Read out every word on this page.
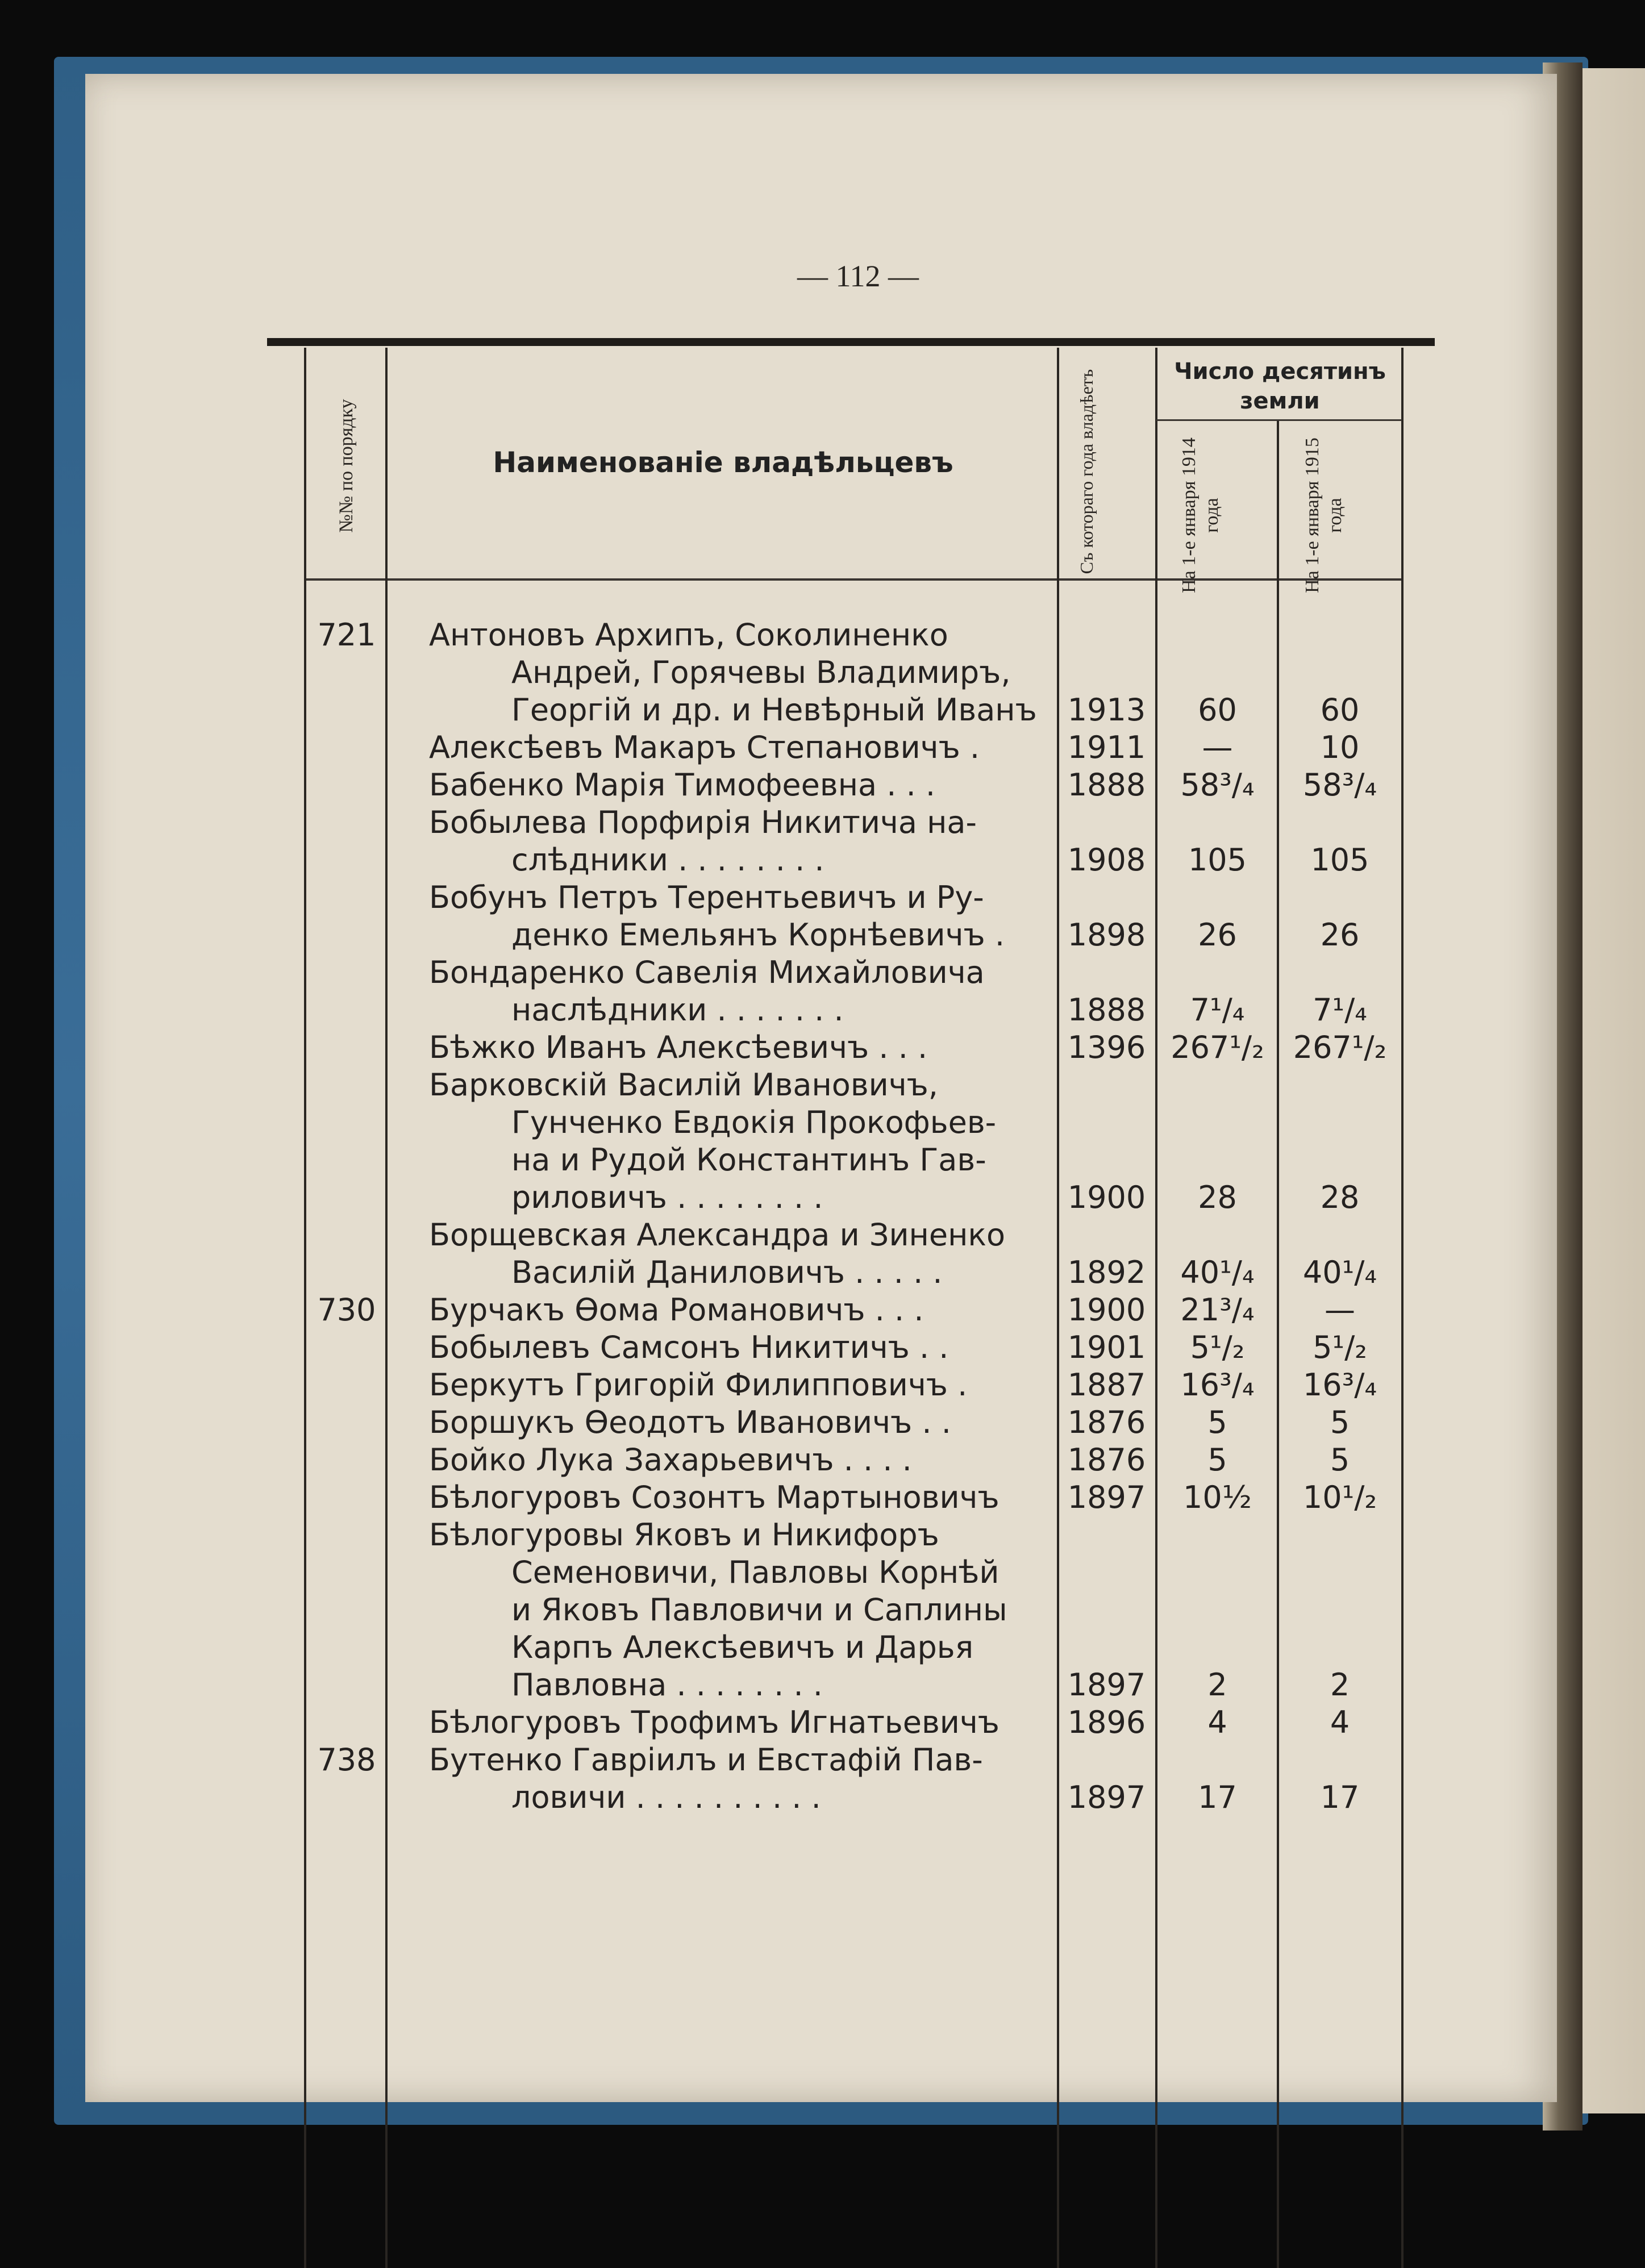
— 112 —
№№ по порядку	Наименованіе владѣльцевъ	Съ котораго года владѣетъ	Число десятинъ земли
На 1-е января 1914 года	На 1-е января 1915 года
721 Антоновъ Архипъ, Соколиненко
Андрей, Горячевы Владимиръ,
Георгій и др. и Невѣрный Иванъ 1913	60	60
Алексѣевъ Макаръ Степановичъ .	1911	—	10
Бабенко Марія Тимофеевна . . .	1888	58³/₄	58³/₄
Бобылева Порфирія Никитича на-
слѣдники . . . . . . . .	1908	105	105
Бобунъ Петръ Терентьевичъ и Ру-
денко Емельянъ Корнѣевичъ . 1898	26	26
Бондаренко Савелія Михайловича
наслѣдники . . . . . . .	1888	7¹/₄	7¹/₄
Бѣжко Иванъ Алексѣевичъ . . .	1396 267¹/₂ 267¹/₂
Барковскій Василій Ивановичъ,
Гунченко Евдокія Прокофьев-
на и Рудой Константинъ Гав-
риловичъ . . . . . . . .	1900	28	28
Борщевская Александра и Зиненко
Василій Даниловичъ . . . . .	1892	40¹/₄	40¹/₄
730 Бурчакъ Ѳома Романовичъ . . .	1900	21³/₄	—
Бобылевъ Самсонъ Никитичъ . .	1901	5¹/₂	5¹/₂
Беркутъ Григорій Филипповичъ .	1887	16³/₄	16³/₄
Боршукъ Ѳеодотъ Ивановичъ . .	1876	5	5
Бойко Лука Захарьевичъ . . . .	1876	5	5
Бѣлогуровъ Созонтъ Мартыновичъ 1897	10½	10¹/₂
Бѣлогуровы Яковъ и Никифоръ
Семеновичи, Павловы Корнѣй
и Яковъ Павловичи и Саплины
Карпъ Алексѣевичъ и Дарья
Павловна . . . . . . . .	1897	2	2
Бѣлогуровъ Трофимъ Игнатьевичъ 1896	4	4
738 Бутенко Гавріилъ и Евстафій Пав-
ловичи . . . . . . . . . .	1897	17	17
